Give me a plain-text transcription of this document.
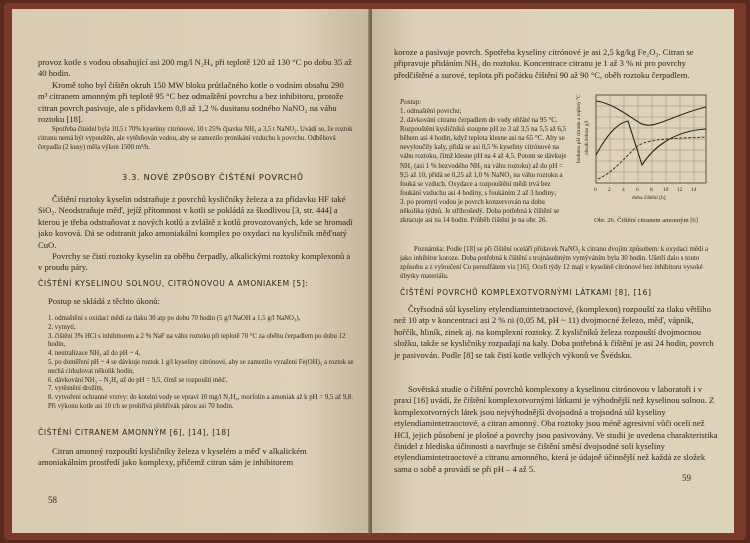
provoz kotle s vodou obsahující asi 200 mg/l N₂H₄ při teplotě 120 až 130 °C po dobu 35 až 40 hodin.

Kromě toho byl čištěn okruh 150 MW bloku průtlačného kotle o vodním obsahu 290 m³ citranem amonným při teplotě 95 °C bez odmaštění povrchu a bez inhibitoru, protože citran povrch pasivuje, ale s přídavkem 0,8 až 1,2 % dusitanu sodného NaNO₂ na váhu roztoku [18].

Spotřeba činidel byla 10,5 t 70% kyseliny citrónové, 10 t 25% čpavku NH₃ a 3,5 t NaNO₂. Uvádí se, že roztok citranu nemá být vypouštěn, ale vytěsňován vodou, aby se zamezilo pronikání vzduchu k povrchu. Odběhová čerpadla (2 kusy) měla výkon 1500 m³/h.

3.3. NOVÉ ZPŮSOBY ČIŠTĚNÍ POVRCHŮ

Čištění roztoky kyselin odstraňuje z povrchů kysličníky železa a za přídavku HF také SiO₂. Neodstraňuje měď, jejíž přítomnost v kotli se pokládá za škodlivou [3, str. 444] a kterou je třeba odstraňovat z nových kotlů a zvláště z kotlů provozovaných, kde se hromadí jako kovová. Dá se odstranit jako amoniakální komplex po oxydaci na kysličník měďnatý CuO.

Povrchy se čistí roztoky kyselin za oběhu čerpadly, alkalickými roztoky komplexonů a v proudu páry.

ČIŠTĚNÍ KYSELINOU SOLNOU, CITRÓNOVOU A AMONIAKEM [5]:

Postup se skládá z těchto úkonů:

1. odmaštění s oxidací mědi za tlaku 30 atp po dobu 70 hodin (5 g/l NaOH a 1,5 g/l NaNO₃),
2. vymytí,
3. čištění 3% HCl s inhibitorem a 2 % NaF na váhu roztoku při teplotě 70 °C za oběhu čerpadlem po dobu 12 hodin,
4. neutralizace NH₃ až do pH ~ 4,
5. po doměření pH ~ 4 se dávkuje roztok 1 g/l kyseliny citrónové, aby se zamezilo vyraženi Fe(OH)₃ a roztok se nechá cirkulovat několik hodin,
6. dávkování NH₃ – N₂H₄ až do pH = 9,5, čímž se rozpouští měď,
7. vytěsnění drožím,
8. vytvoření ochranné vrstvy: do kotelní vody se vpraví 10 mg/l N₂H₄, morfolin a amoniak až k pH = 9,5 až 9,8. Při výkonu kotle asi 10 t/h se prohřívá přehřívák párou asi 70 hodin.

ČIŠTĚNÍ CITRANEM AMONNÝM [6], [14], [18]

Citran amonný rozpouští kysličníky železa v kyselém a měď v alkalickém amoniakálním prostředí jako komplexy, přičemž citran sám je inhibitorem

58

koroze a pasivuje povrch. Spotřeba kyseliny citrónové je asi 2,5 kg/kg Fe₂O₃. Citran se připravuje přidáním NH₃ do roztoku. Koncentrace citranu je 1 až 3 % ni pro povrchy předčištěné a surové, teplota při počátku čištění 90 až 90 °C, oběh roztoku čerpadlem.

Postup:

1. odmaštění povrchu;
2. dávkování citranu čerpadlem do vody ohřáté na 95 °C. Rozpouštění kysličníků stoupne pH ze 3 až 3,5 na 5,5 až 6,5 během asi 4 hodin, když teplota klesne asi na 65 °C. Aby se nevyloučily kaly, přidá se asi 0,5 % kyseliny citrónové na váhu roztoku, čímž klesne pH na 4 až 4,5. Potom se dávkuje NH₃ (asi 1 % bezvodého NH₃ na váhu roztoku) až do pH = 9,5 až 10, přidá se 0,25 až 1,0 % NaNO₃ na váhu roztoku a fouká se vzduch. Oxydace a rozpouštění mědi trvá bez foukání vzduchu asi 4 hodiny, s foukáním 2 až 3 hodiny;
3. po promytí vodou je povrch konzervován na dobu několika týdnů. Je stříbrošedý. Doba potřebná k čištění se zkracuje asi na 14 hodin. Průběh čištění je na obr. 26.
hodnota pH citranu a teploty °C obsah železa g/l
doba čištění [h]
0 2 4 6 8 10 12 14

Obr. 26. Čištění citranem amonným [6]

Poznámka: Podle [18] se při čištění oceláří přídavek NaNO₂ k citranu dvojím způsobem: k oxydaci mědi a jako inhibitor koroze. Doba potřebná k čištění s trojnásobným vymýváním byla 30 hodin. Ušetří dalo s touto způsobu a z vyloučení Cu persulfátem viz [16]. Ocelí týdy 12 mají v kyselině citrónové bez inhibitoru vysoké úbytky materiálu.

ČIŠTĚNÍ POVRCHŮ KOMPLEXOTVORNÝMI LÁTKAMI [8], [16]

Čtyřsodná sůl kyseliny etylendiamintetraoctové, (komplexon) rozpouští za tlaku většího než 10 atp v koncentraci asi 2 % ni (0,05 M, pH ~ 11) dvojmocné železo, měď, vápník, hořčík, hliník, zinek aj. na komplexní roztoky. Z kysličníků železa rozpouští dvojmocnou složku, takže se kysličníky rozpadají na kaly. Doba potřebná k čištění je asi 24 hodin, povrch je pasivován. Podle [8] se tak čistí kotle velkých výkonů ve Švédsku.

Sovětská studie o čištění povrchů komplexony a kyselinou citrónovou v laboratoři i v praxi [16] uvádí, že čištění komplexotvornými látkami je výhodnější než kyselinou solnou. Z komplexotvorných látek jsou nejvýhodnější dvojsodná a trojsodná sůl kyseliny etylendiamintetraoctové, a citran amonný. Oba roztoky jsou méně agresivní vůči oceli než HCl, jejich působení je plošné a povrchy jsou pasivovány. Ve studii je uvedena charakteristika činidel z hlediska účinnosti a navrhuje se čištění směsí dvojsodné soli kyseliny etylendiamintetraoctové a citranu amonného, která je údajně účinnější než každá ze složek sama o sobě a provádí se při pH – 4 až 5.

59
